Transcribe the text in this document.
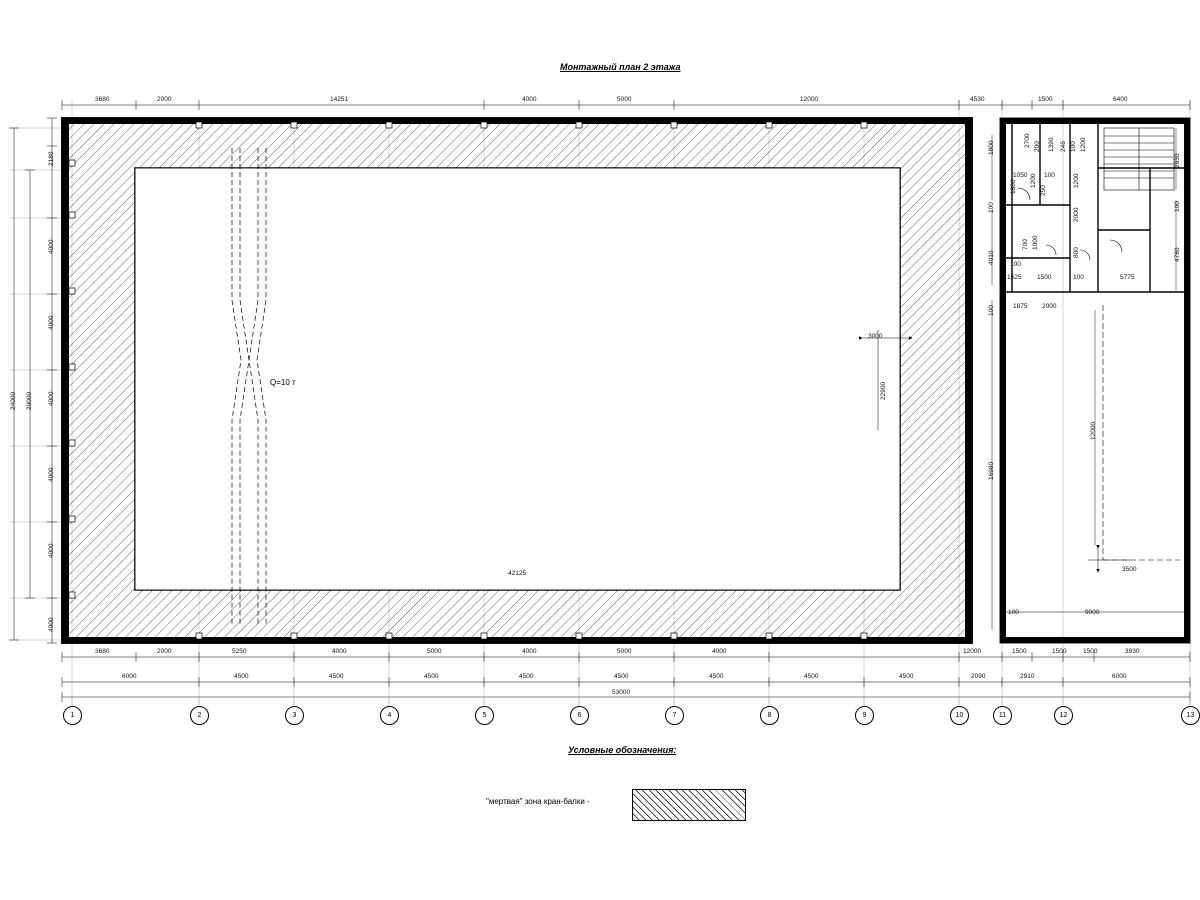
Монтажный план 2 этажа
Условные обозначения:
"мертвая" зона кран-балки -
3680	2000	14251	4000	5000	12000	4530	1500	6400
3680	2000	5250	4000	5000	4000	5000	4000	12000	1500	1500	1500	3930
6000	4500	4500	4500	4500	4500	4500	4500	4500	2090	2910	6000
53000
2180
4000
4000
4000
4000
4000
4000
20000
24000
Q=10 т
42125
3000
22900
1800
100
4010
100
16980
2930
100
4780
12000
3500
9000
100
2700 200 1390 246 100 1200
1050	100
1800 1200
250
1200
700 1000
2000
800
100
1525 1500	100	5775
1875 2000
1	2	3	4	5	6	7	8	9	10	11	12	13
